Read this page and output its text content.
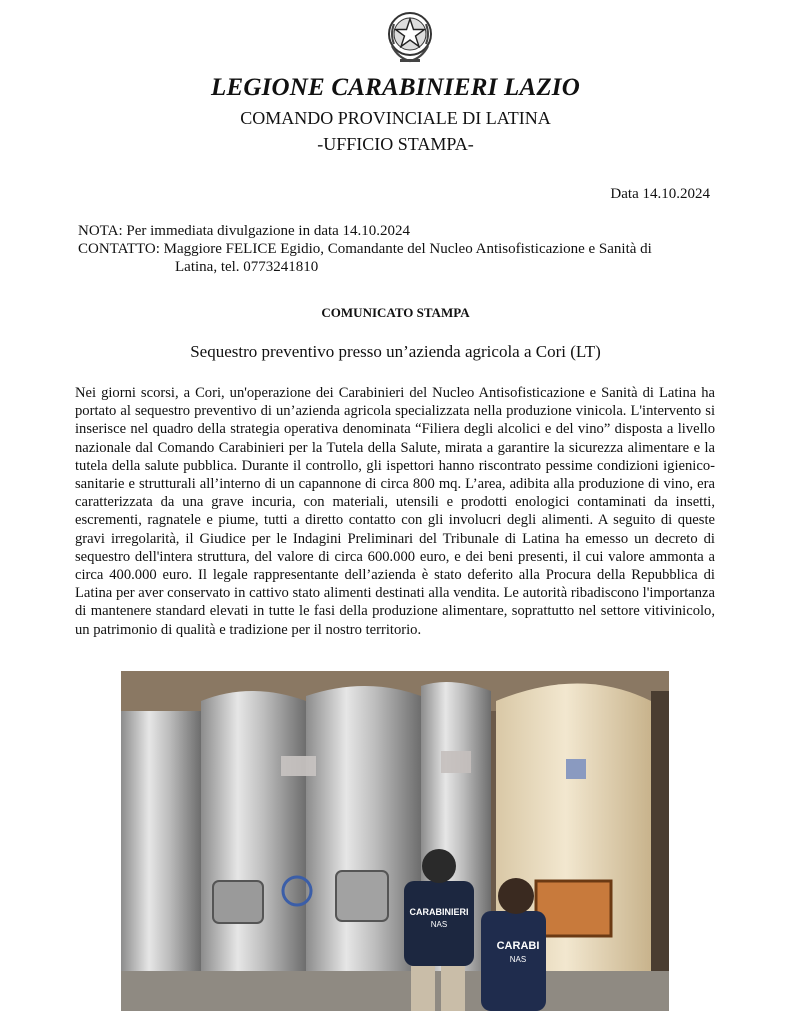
LEGIONE CARABINIERI LAZIO
COMANDO PROVINCIALE DI LATINA
-UFFICIO STAMPA-
Data 14.10.2024
NOTA: Per immediata divulgazione in data 14.10.2024
CONTATTO: Maggiore FELICE Egidio, Comandante del Nucleo Antisofisticazione e Sanità di
Latina, tel. 0773241810
COMUNICATO STAMPA
Sequestro preventivo presso un’azienda agricola a Cori (LT)
Nei giorni scorsi, a Cori, un'operazione dei Carabinieri del Nucleo Antisofisticazione e Sanità di Latina ha portato al sequestro preventivo di un’azienda agricola specializzata nella produzione vinicola. L'intervento si inserisce nel quadro della strategia operativa denominata “Filiera degli alcolici e del vino” disposta a livello nazionale dal Comando Carabinieri per la Tutela della Salute, mirata a garantire la sicurezza alimentare e la tutela della salute pubblica. Durante il controllo, gli ispettori hanno riscontrato pessime condizioni igienico-sanitarie e strutturali all’interno di un capannone di circa 800 mq. L’area, adibita alla produzione di vino, era caratterizzata da una grave incuria, con materiali, utensili e prodotti enologici contaminati da insetti, escrementi, ragnatele e piume, tutti a diretto contatto con gli involucri degli alimenti. A seguito di queste gravi irregolarità, il Giudice per le Indagini Preliminari del Tribunale di Latina ha emesso un decreto di sequestro dell'intera struttura, del valore di circa 600.000 euro, e dei beni presenti, il cui valore ammonta a circa 400.000 euro. Il legale rappresentante dell’azienda è stato deferito alla Procura della Repubblica di Latina per aver conservato in cattivo stato alimenti destinati alla vendita. Le autorità ribadiscono l'importanza di mantenere standard elevati in tutte le fasi della produzione alimentare, soprattutto nel settore vitivinicolo, un patrimonio di qualità e tradizione per il nostro territorio.
CARABINIERI
NAS
CARABI
NAS
